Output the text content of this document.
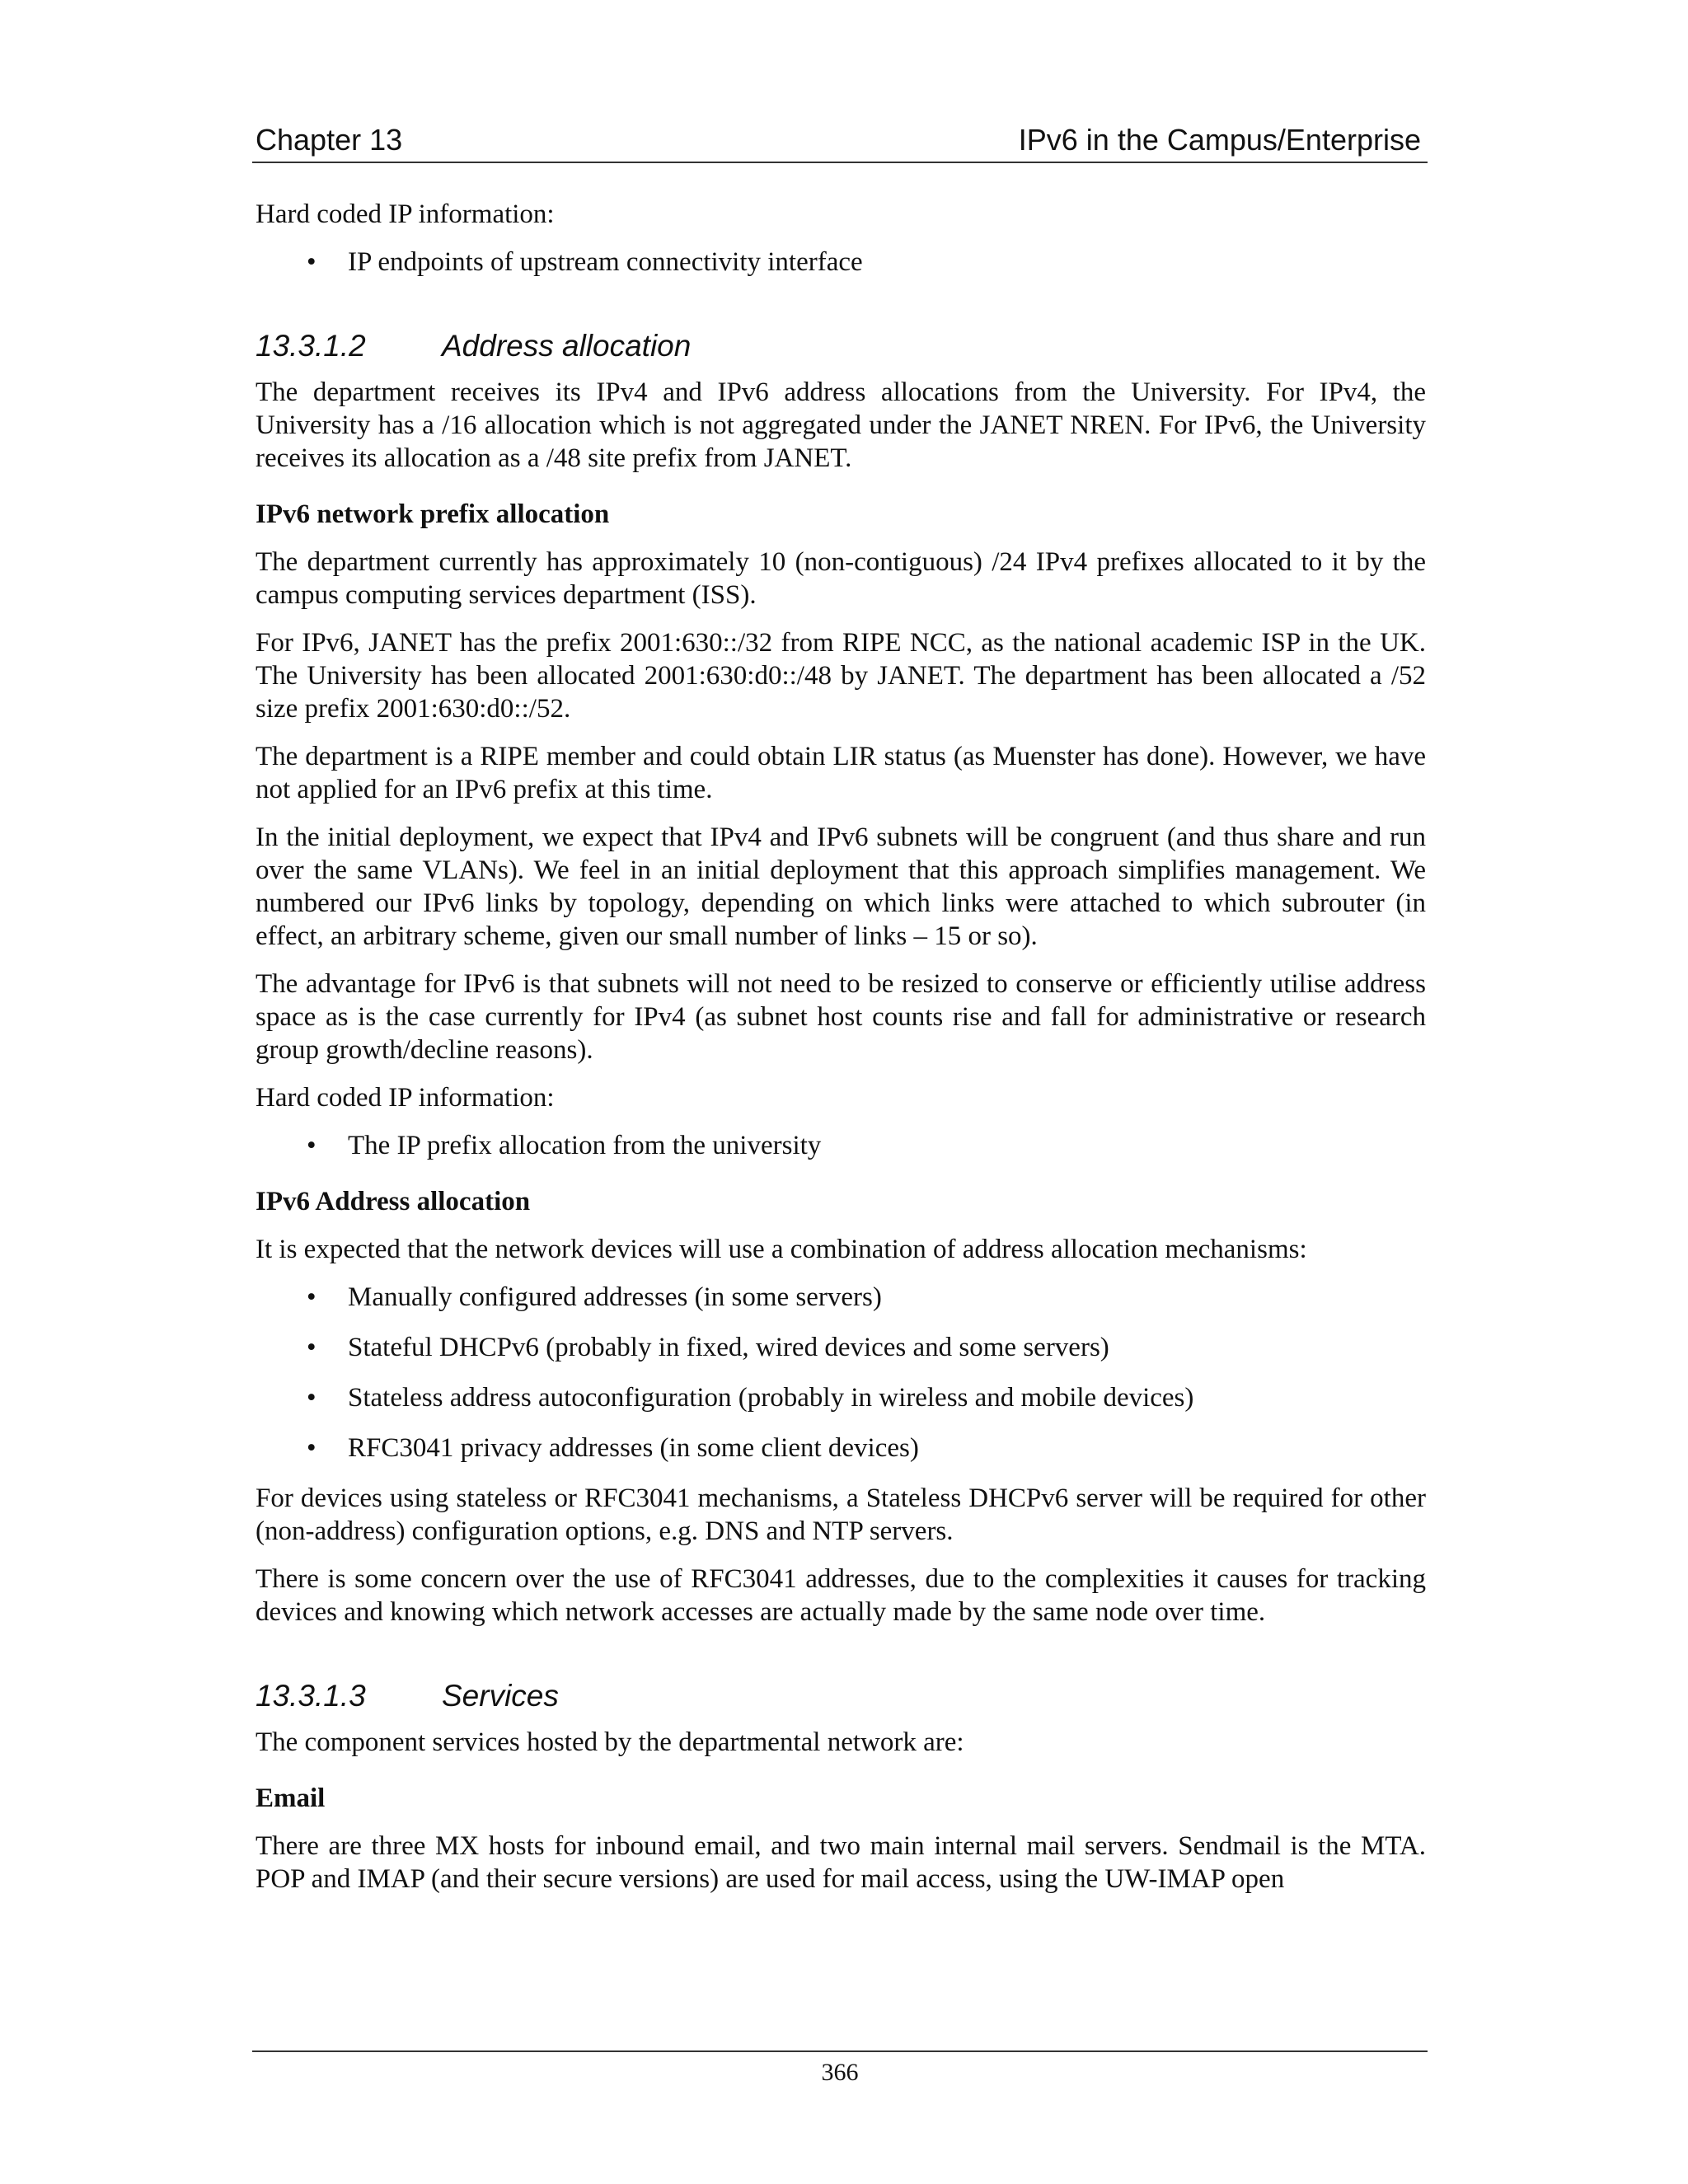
Chapter 13	IPv6 in the Campus/Enterprise

Hard coded IP information:

• IP endpoints of upstream connectivity interface
13.3.1.2	Address allocation

The department receives its IPv4 and IPv6 address allocations from the University. For IPv4, the University has a /16 allocation which is not aggregated under the JANET NREN. For IPv6, the University receives its allocation as a /48 site prefix from JANET.

IPv6 network prefix allocation

The department currently has approximately 10 (non-contiguous) /24 IPv4 prefixes allocated to it by the campus computing services department (ISS).

For IPv6, JANET has the prefix 2001:630::/32 from RIPE NCC, as the national academic ISP in the UK. The University has been allocated 2001:630:d0::/48 by JANET. The department has been allocated a /52 size prefix 2001:630:d0::/52.

The department is a RIPE member and could obtain LIR status (as Muenster has done). However, we have not applied for an IPv6 prefix at this time.

In the initial deployment, we expect that IPv4 and IPv6 subnets will be congruent (and thus share and run over the same VLANs). We feel in an initial deployment that this approach simplifies management. We numbered our IPv6 links by topology, depending on which links were attached to which subrouter (in effect, an arbitrary scheme, given our small number of links – 15 or so).

The advantage for IPv6 is that subnets will not need to be resized to conserve or efficiently utilise address space as is the case currently for IPv4 (as subnet host counts rise and fall for administrative or research group growth/decline reasons).

Hard coded IP information:

• The IP prefix allocation from the university

IPv6 Address allocation

It is expected that the network devices will use a combination of address allocation mechanisms:

• Manually configured addresses (in some servers)
• Stateful DHCPv6 (probably in fixed, wired devices and some servers)
• Stateless address autoconfiguration (probably in wireless and mobile devices)
• RFC3041 privacy addresses (in some client devices)

For devices using stateless or RFC3041 mechanisms, a Stateless DHCPv6 server will be required for other (non-address) configuration options, e.g. DNS and NTP servers.

There is some concern over the use of RFC3041 addresses, due to the complexities it causes for tracking devices and knowing which network accesses are actually made by the same node over time.

13.3.1.3	Services

The component services hosted by the departmental network are:

Email

There are three MX hosts for inbound email, and two main internal mail servers. Sendmail is the MTA. POP and IMAP (and their secure versions) are used for mail access, using the UW-IMAP open

366
